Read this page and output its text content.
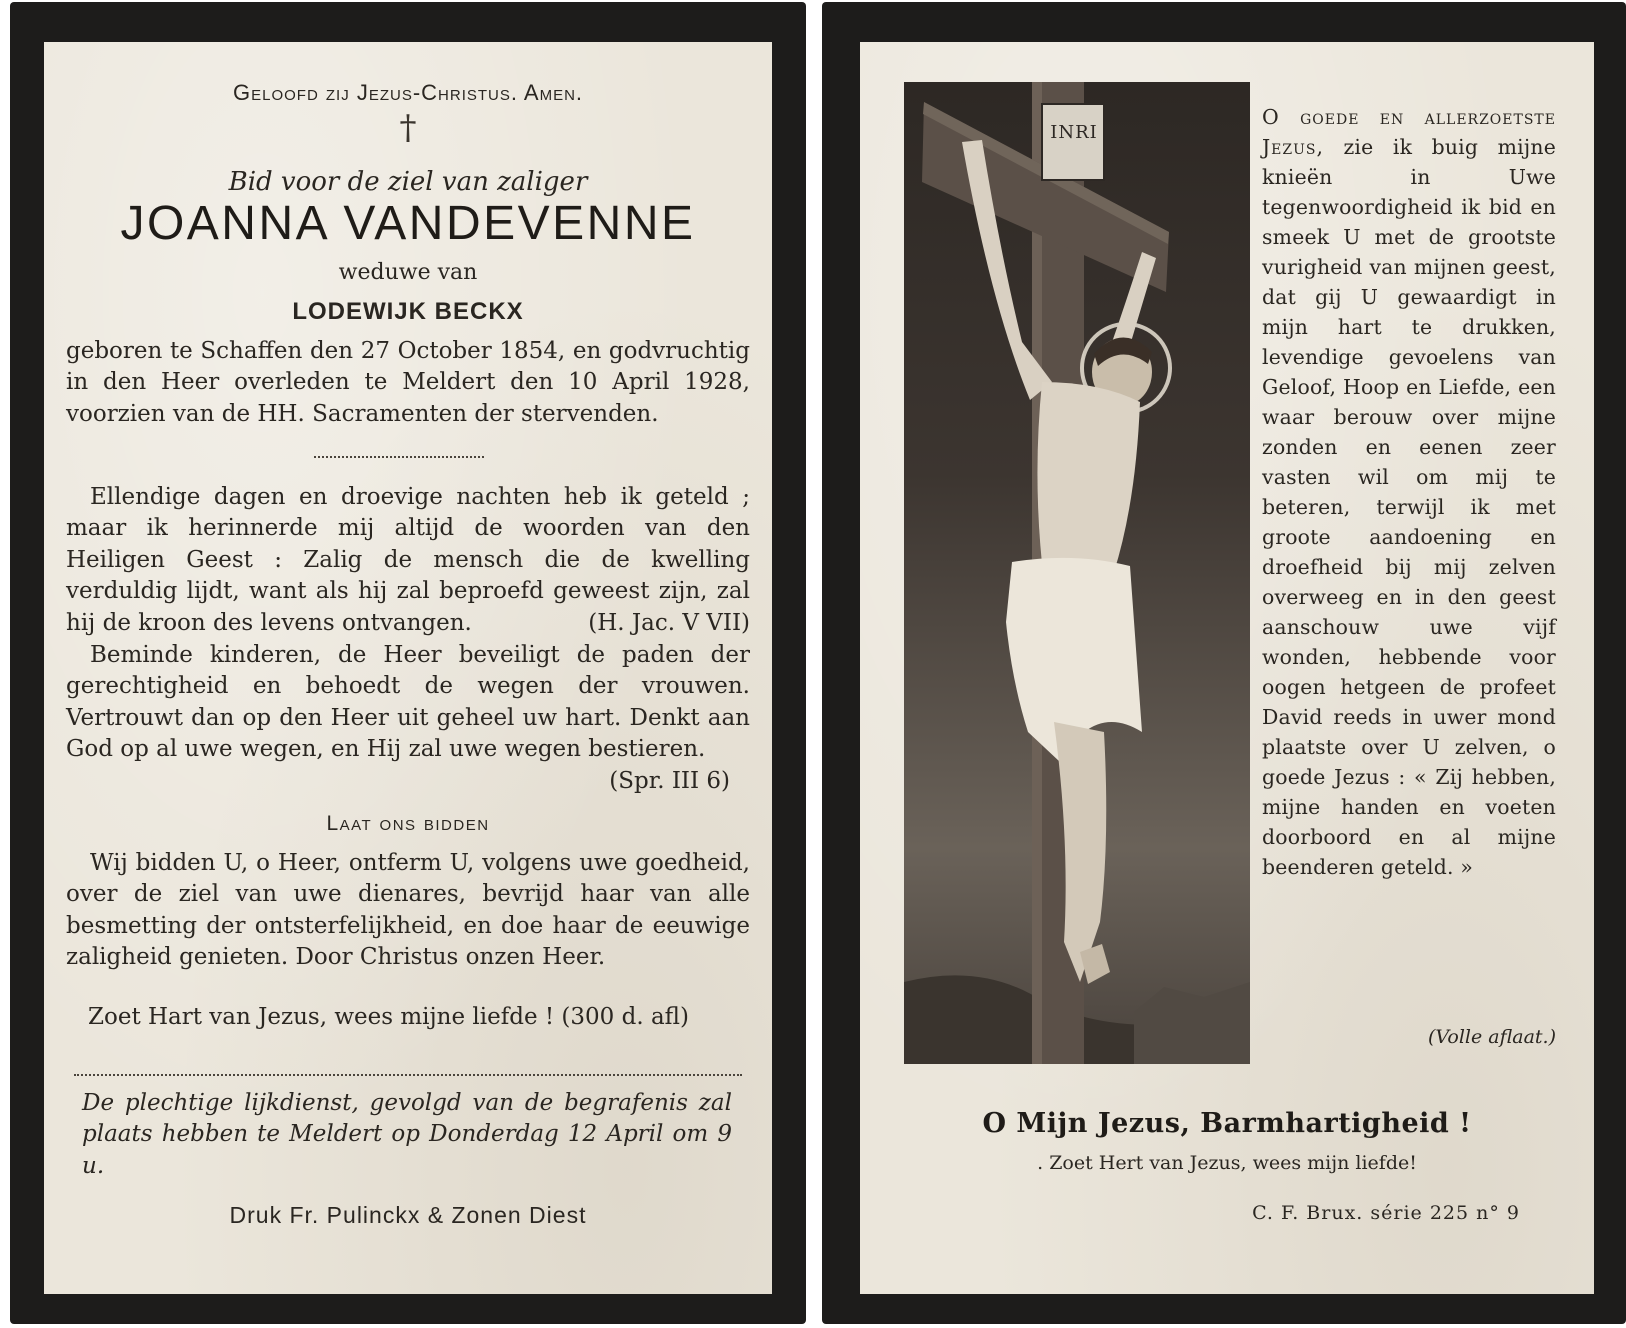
Geloofd zij Jezus-Christus. Amen.

†

Bid voor de ziel van zaliger

JOANNA VANDEVENNE

weduwe van

LODEWIJK BECKX

geboren te Schaffen den 27 October 1854, en godvruchtig in den Heer overleden te Meldert den 10 April 1928, voorzien van de HH. Sacramenten der stervenden.

Ellendige dagen en droevige nachten heb ik geteld ; maar ik herinnerde mij altijd de woorden van den Heiligen Geest : Zalig de mensch die de kwelling verduldig lijdt, want als hij zal beproefd geweest zijn, zal hij de kroon des levens ontvangen.	(H. Jac. V VII)
Beminde kinderen, de Heer beveiligt de paden der gerechtigheid en behoedt de wegen der vrouwen. Vertrouwt dan op den Heer uit geheel uw hart. Denkt aan God op al uwe wegen, en Hij zal uwe wegen bestieren.
(Spr. III 6)

Laat ons bidden

Wij bidden U, o Heer, ontferm U, volgens uwe goedheid, over de ziel van uwe dienares, bevrijd haar van alle besmetting der ontsterfelijkheid, en doe haar de eeuwige zaligheid genieten. Door Christus onzen Heer.

Zoet Hart van Jezus, wees mijne liefde ! (300 d. afl)

De plechtige lijkdienst, gevolgd van de begrafenis zal plaats hebben te Meldert op Donderdag 12 April om 9 u.

Druk Fr. Pulinckx & Zonen Diest

INRI
O goede en allerzoetste Jezus, zie ik buig mijne knieën in Uwe tegenwoordigheid ik bid en smeek U met de grootste vurigheid van mijnen geest, dat gij U gewaardigt in mijn hart te drukken, levendige gevoelens van Geloof, Hoop en Liefde, een waar berouw over mijne zonden en eenen zeer vasten wil om mij te beteren, terwijl ik met groote aandoening en droefheid bij mij zelven overweeg en in den geest aanschouw uwe vijf wonden, hebbende voor oogen hetgeen de profeet David reeds in uwer mond plaatste over U zelven, o goede Jezus : « Zij hebben, mijne handen en voeten doorboord en al mijne beenderen geteld. »

(Volle aflaat.)

O Mijn Jezus, Barmhartigheid !

. Zoet Hert van Jezus, wees mijn liefde!

C. F. Brux. série 225 n° 9
